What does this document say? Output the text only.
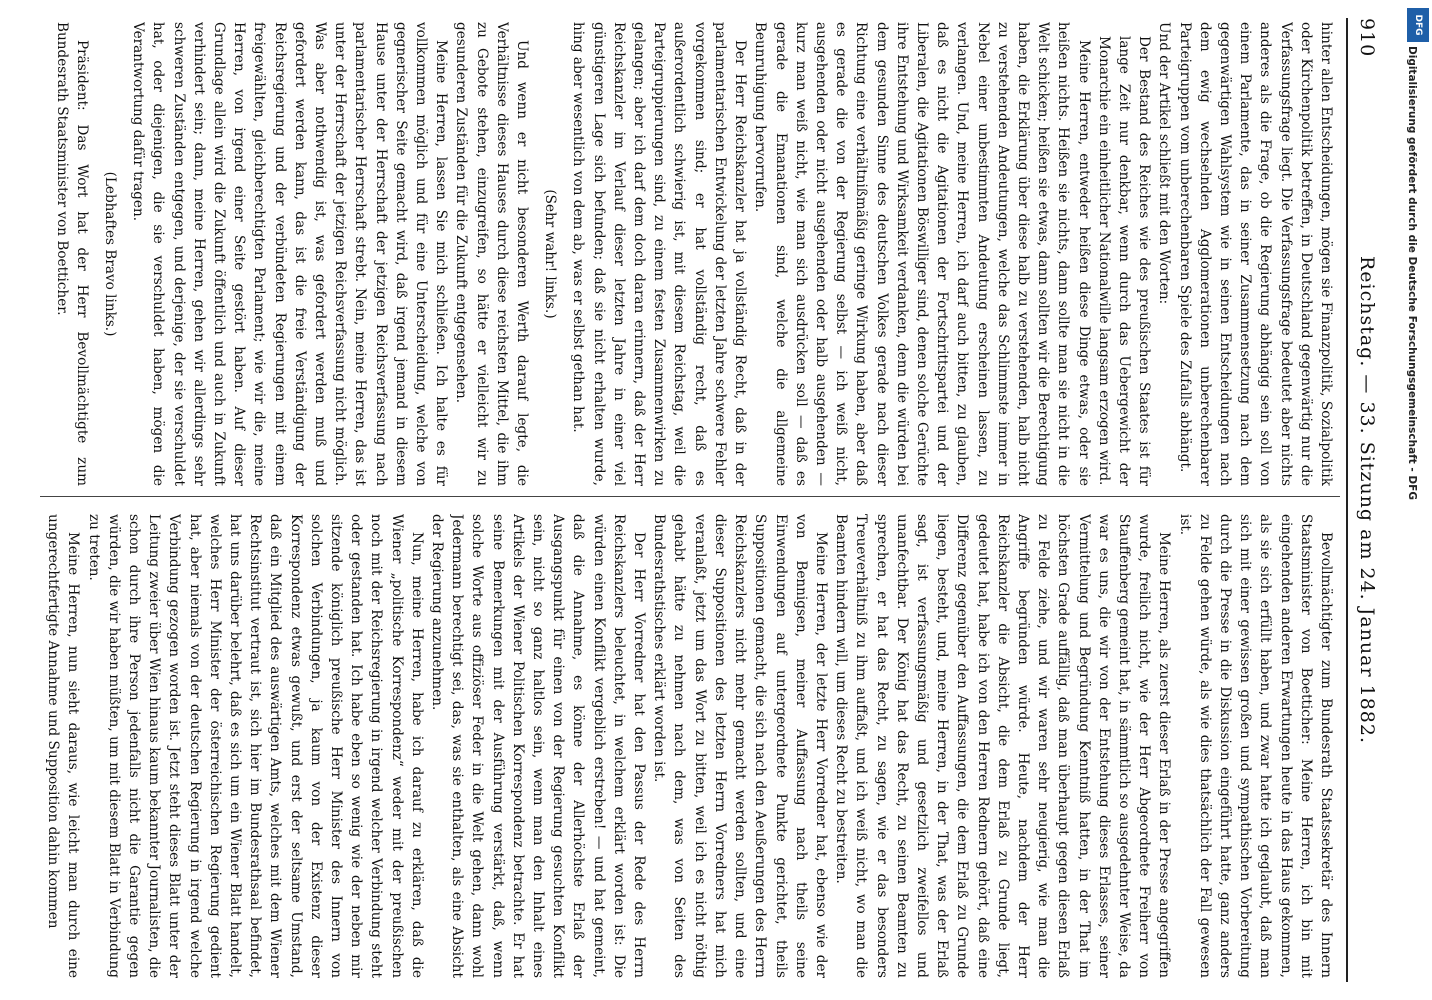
910
Reichstag. — 33. Sitzung am 24. Januar 1882.

hinter allen Entscheidungen, mögen sie Finanzpolitik, Sozialpolitik oder Kirchenpolitik betreffen, in Deutschland gegenwärtig nur die Verfassungsfrage liegt. Die Verfassungsfrage bedeutet aber nichts anderes als die Frage, ob die Regierung abhängig sein soll von einem Parlamente, das in seiner Zusammensetzung nach dem gegenwärtigen Wahlsystem wie in seinen Entscheidungen nach dem ewig wechselnden Agglomerationen unberechenbarer Parteigruppen vom unberechenbaren Spiele des Zufalls abhängt.

Und der Artikel schließt mit den Worten:

Der Bestand des Reiches wie des preußischen Staates ist für lange Zeit nur denkbar, wenn durch das Uebergewicht der Monarchie ein einheitlicher Nationalwille langsam erzogen wird.

Meine Herren, entweder heißen diese Dinge etwas, oder sie heißen nichts. Heißen sie nichts, dann sollte man sie nicht in die Welt schicken; heißen sie etwas, dann sollten wir die Berechtigung haben, die Erklärung über diese halb zu verstehenden, halb nicht zu verstehenden Andeutungen, welche das Schlimmste immer in Nebel einer unbestimmten Andeutung erscheinen lassen, zu verlangen. Und, meine Herren, ich darf auch bitten, zu glauben, daß es nicht die Agitationen der Fortschrittspartei und der Liberalen, die Agitationen Böswilliger sind, denen solche Gerüchte ihre Entstehung und Wirksamkeit verdanken, denn die würden bei dem gesunden Sinne des deutschen Volkes gerade nach dieser Richtung eine verhältnißmäßig geringe Wirkung haben, aber daß es gerade die von der Regierung selbst — ich weiß nicht, ausgehenden oder nicht ausgehenden oder halb ausgehenden — kurz man weiß nicht, wie man sich ausdrücken soll — daß es gerade die Emanationen sind, welche die allgemeine Beunruhigung hervorrufen.

Der Herr Reichskanzler hat ja vollständig Recht, daß in der parlamentarischen Entwickelung der letzten Jahre schwere Fehler vorgekommen sind; er hat vollständig recht, daß es außerordentlich schwierig ist, mit diesem Reichstag, weil die Parteigruppierungen sind, zu einem festen Zusammenwirken zu gelangen; aber ich darf dem doch daran erinnern, daß der Herr Reichskanzler im Verlauf dieser letzten Jahre in einer viel günstigeren Lage sich befunden; daß sie nicht erhalten wurde, hing aber wesentlich von dem ab, was er selbst gethan hat.

(Sehr wahr! links.)

Und wenn er nicht besonderen Werth darauf legte, die Verhältnisse dieses Hauses durch diese reichsten Mittel, die ihm zu Gebote stehen, einzugreifen, so hätte er vielleicht wir zu gesunderen Zuständen für die Zukunft entgegensehen.

Meine Herren, lassen Sie mich schließen. Ich halte es für vollkommen möglich und für eine Unterscheidung, welche von gegnerischer Seite gemacht wird, daß irgend jemand in diesem Hause unter der Herrschaft der jetzigen Reichsverfassung nach parlamentarischer Herrschaft strebt. Nein, meine Herren, das ist unter der Herrschaft der jetzigen Reichsverfassung nicht möglich. Was aber nothwendig ist, was gefordert werden muß und gefordert werden kann, das ist die freie Verständigung der Reichsregierung und der verbündeten Regierungen mit einem freigewählten, gleichberechtigten Parlament; wie wir die, meine Herren, von irgend einer Seite gestört haben. Auf dieser Grundlage allein wird die Zukunft öffentlich und auch in Zukunft verhindert sein; dann, meine Herren, gehen wir allerdings sehr schweren Zuständen entgegen, und derjenige, der sie verschuldet hat, oder diejenigen, die sie verschuldet haben, mögen die Verantwortung dafür tragen.

(Lebhaftes Bravo links.)

Präsident: Das Wort hat der Herr Bevollmächtigte zum Bundesrath Staatsminister von Boetticher.

Bevollmächtigter zum Bundesrath Staatssekretär des Innern Staatsminister von Boetticher: Meine Herren, ich bin mit eingehenden anderen Erwartungen heute in das Haus gekommen, als sie sich erfüllt haben, und zwar hatte ich geglaubt, daß man sich mit einer gewissen großen und sympathischen Vorbereitung durch die Presse in die Diskussion eingeführt hatte, ganz anders zu Felde gehen würde, als wie dies thatsächlich der Fall gewesen ist.

Meine Herren, als zuerst dieser Erlaß in der Presse angegriffen wurde, freilich nicht, wie der Herr Abgeordnete Freiherr von Stauffenberg gemeint hat, in sämmtlich so ausgedehnter Weise, da war es uns, die wir von der Entstehung dieses Erlasses, seiner Vermittelung und Begründung Kenntniß hatten, in der That im höchsten Grade auffällig, daß man überhaupt gegen diesen Erlaß zu Felde ziehe, und wir waren sehr neugierig, wie man die Angriffe begründen würde. Heute, nachdem der Herr Reichskanzler die Absicht, die dem Erlaß zu Grunde liegt, gedeutet hat, habe ich von den Herren Rednern gehört, daß eine Differenz gegenüber den Auffassungen, die dem Erlaß zu Grunde liegen, besteht, und, meine Herren, in der That, was der Erlaß sagt, ist verfassungsmäßig und gesetzlich zweifellos und unanfechtbar. Der König hat das Recht, zu seinen Beamten zu sprechen, er hat das Recht, zu sagen, wie er das besonders Treueverhältniß zu ihm auffaßt, und ich weiß nicht, wo man die Beamten hindern will, um dieses Recht zu bestreiten.

Meine Herren, der letzte Herr Vorredner hat, ebenso wie der von Bennigsen, meiner Auffassung nach theils seine Einwendungen auf untergeordnete Punkte gerichtet, theils Suppositionen gemacht, die sich nach den Aeußerungen des Herrn Reichskanzlers nicht mehr gemacht werden sollten, und eine dieser Suppositionen des letzten Herrn Vorredners hat mich veranlaßt, jetzt um das Wort zu bitten, weil ich es nicht nöthig gehabt hätte zu nehmen nach dem, was von Seiten des Bundesrathstisches erklärt worden ist.

Der Herr Vorredner hat den Passus der Rede des Herrn Reichskanzlers beleuchtet, in welchem erklärt worden ist: Die würden einen Konflikt vergeblich erstreben! — und hat gemeint, daß die Annahme, es könne der Allerhöchste Erlaß der Ausgangspunkt für einen von der Regierung gesuchten Konflikt sein, nicht so ganz haltlos sein, wenn man den Inhalt eines Artikels der Wiener Politischen Korrespondenz betrachte. Er hat seine Bemerkungen mit der Ausführung verstärkt, daß, wenn solche Worte aus offiziöser Feder in die Welt gehen, dann wohl Jedermann berechtigt sei, das, was sie enthalten, als eine Absicht der Regierung anzunehmen.

Nun, meine Herren, habe ich darauf zu erklären, daß die Wiener „politische Korrespondenz“ weder mit der preußischen noch mit der Reichsregierung in irgend welcher Verbindung steht oder gestanden hat. Ich habe eben so wenig wie der neben mir sitzende königlich preußische Herr Minister des Innern von solchen Verbindungen, ja kaum von der Existenz dieser Korrespondenz etwas gewußt, und erst der seltsame Umstand, daß ein Mitglied des auswärtigen Amts, welches mit dem Wiener Rechtsinstitut vertraut ist, sich hier im Bundesrathsaal befindet, hat uns darüber belehrt, daß es sich um ein Wiener Blatt handelt, welches Herr Minister der österreichischen Regierung gedient hat, aber niemals von der deutschen Regierung in irgend welche Verbindung gezogen worden ist. Jetzt steht dieses Blatt unter der Leitung zweier über Wien hinaus kaum bekannter Journalisten, die schon durch ihre Person jedenfalls nicht die Garantie gegen würden, die wir haben müßten, um mit diesem Blatt in Verbindung zu treten.

Meine Herren, nun sieht daraus, wie leicht man durch eine ungerechtfertigte Annahme und Supposition dahin kommen

DFG
Digitalisierung gefördert durch die Deutsche Forschungsgemeinschaft - DFG
